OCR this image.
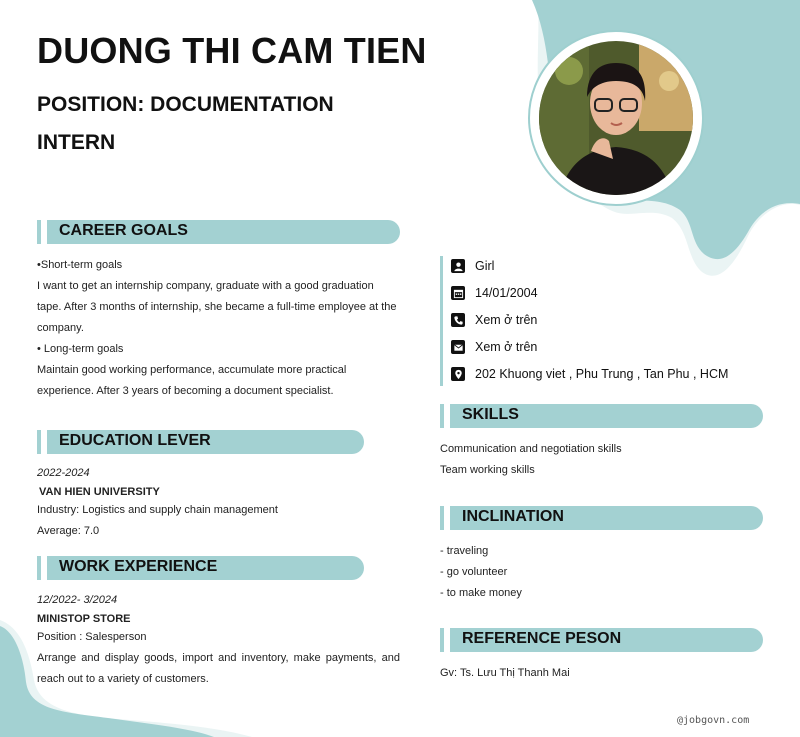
DUONG THI CAM TIEN
POSITION: DOCUMENTATION INTERN
CAREER GOALS

•Short-term goals

I want to get an internship company, graduate with a good graduation tape. After 3 months of internship, she became a full-time employee at the company.

• Long-term goals

Maintain good working performance, accumulate more practical experience. After 3 years of becoming a document specialist.

EDUCATION LEVER

2022-2024

VAN HIEN UNIVERSITY

Industry: Logistics and supply chain management

Average: 7.0

WORK EXPERIENCE

12/2022- 3/2024

MINISTOP STORE

Position : Salesperson

Arrange and display goods, import and inventory, make payments, and reach out to a variety of customers.

Girl
14/01/2004
Xem ở trên
Xem ở trên
202 Khuong viet , Phu Trung , Tan Phu , HCM
SKILLS

Communication and negotiation skills

Team working skills

INCLINATION

- traveling

- go volunteer

- to make money

REFERENCE PESON

Gv: Ts. Lưu Thị Thanh Mai

@jobgovn.com
